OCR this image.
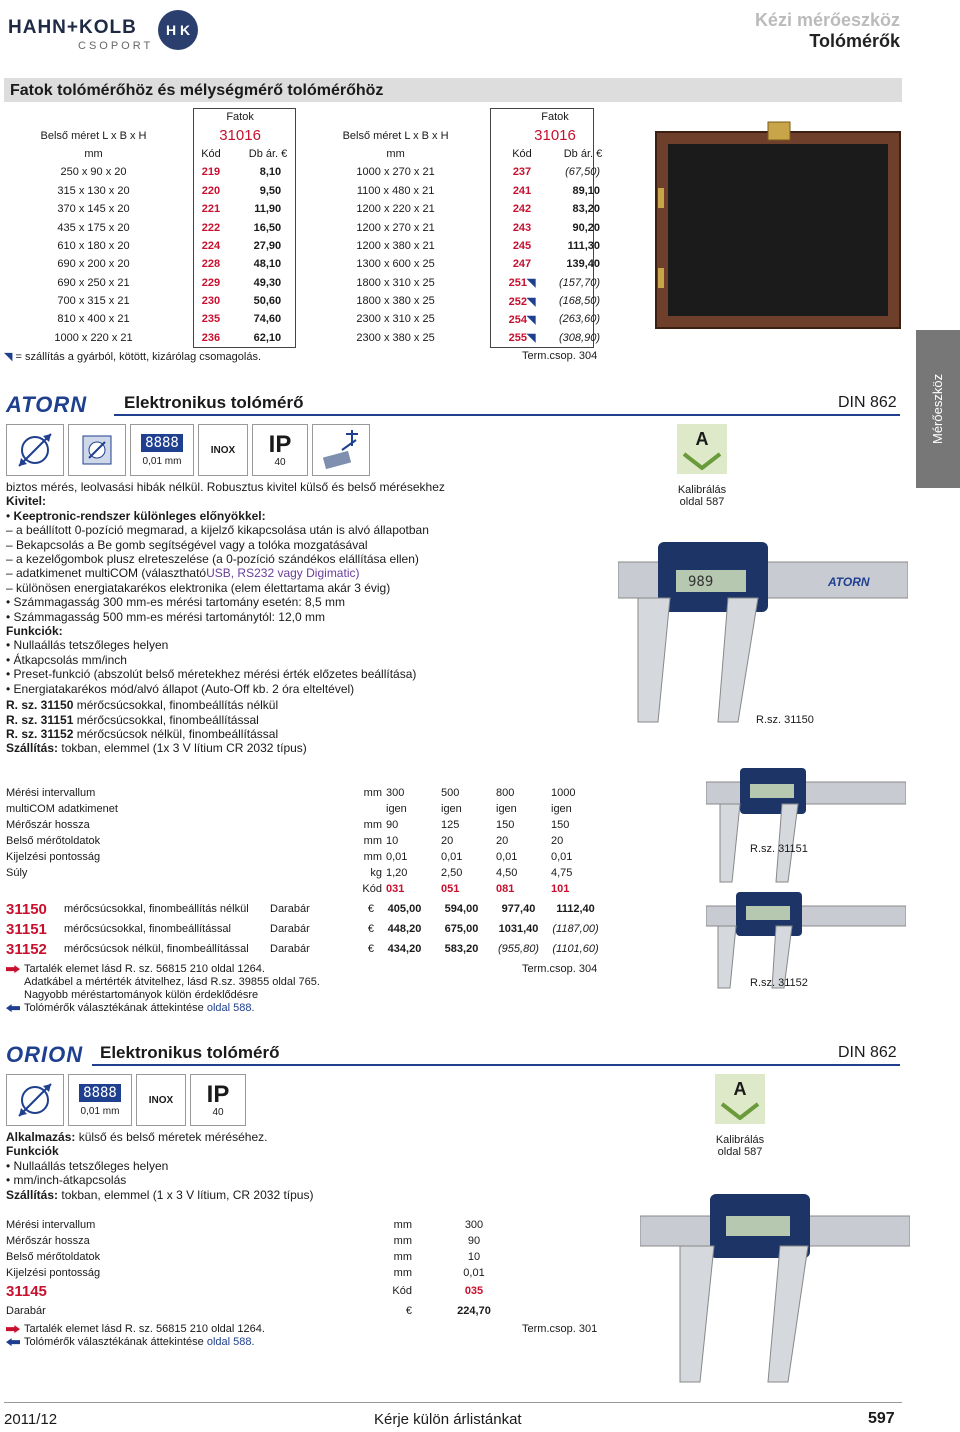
HAHN+KOLB
CSOPORT
H K	Kézi mérőeszköz
Tolómérők
Fatok tolómérőhöz és mélységmérő tolómérőhöz
	Fatok			Fatok	
Belső méret L x B x H	31016		Belső méret L x B x H	31016	
mm	Kód	Db ár. €	mm	Kód	Db ár. €
250 x 90 x 20	219	8,10	1000 x 270 x 21	237	(67,50)
315 x 130 x 20	220	9,50	1100 x 480 x 21	241	89,10
370 x 145 x 20	221	11,90	1200 x 220 x 21	242	83,20
435 x 175 x 20	222	16,50	1200 x 270 x 21	243	90,20
610 x 180 x 20	224	27,90	1200 x 380 x 21	245	111,30
690 x 200 x 20	228	48,10	1300 x 600 x 25	247	139,40
690 x 250 x 21	229	49,30	1800 x 310 x 25	251◥	(157,70)
700 x 315 x 21	230	50,60	1800 x 380 x 25	252◥	(168,50)
810 x 400 x 21	235	74,60	2300 x 310 x 25	254◥	(263,60)
1000 x 220 x 21	236	62,10	2300 x 380 x 25	255◥	(308,90)
◥ = szállítás a gyárból, kötött, kizárólag csomagolás.	Term.csop. 304
Mérőeszköz
ATORN	Elektronikus tolómérő	DIN 862
8888
0,01 mm
INOX IP
40
A
Kalibrálás
oldal 587
biztos mérés, leolvasási hibák nélkül. Robusztus kivitel külső és belső mérésekhez
Kivitel:
• Keeptronic-rendszer különleges előnyökkel:
– a beállított 0-pozíció megmarad, a kijelző kikapcsolása után is alvó állapotban
– Bekapcsolás a Be gomb segítségével vagy a tolóka mozgatásával
– a kezelőgombok plusz elreteszelése (a 0-pozíció szándékos elállítása ellen)
– adatkimenet multiCOM (választhatóUSB, RS232 vagy Digimatic)
– különösen energiatakarékos elektronika (elem élettartama akár 3 évig)
• Számmagasság 300 mm-es mérési tartomány esetén: 8,5 mm
• Számmagasság 500 mm-es mérési tartománytól: 12,0 mm
Funkciók:
• Nullaállás tetszőleges helyen
• Átkapcsolás mm/inch
• Preset-funkció (abszolút belső méretekhez mérési érték előzetes beállítása)
• Energiatakarékos mód/alvó állapot (Auto-Off kb. 2 óra elteltével)
R. sz. 31150 mérőcsúcsokkal, finombeállítás nélkül
R. sz. 31151 mérőcsúcsokkal, finombeállítással
R. sz. 31152 mérőcsúcsok nélkül, finombeállítással
Szállítás: tokban, elemmel (1x 3 V lítium CR 2032 típus)
989	ATORN
R.sz. 31150
R.sz. 31151
R.sz. 31152
Mérési intervallum	mm	300	500	800	1000
multiCOM adatkimenet		igen	igen	igen	igen
Mérőszár hossza	mm	90	125	150	150
Belső mérőtoldatok	mm	10	20	20	20
Kijelzési pontosság	mm	0,01	0,01	0,01	0,01
Súly	kg	1,20	2,50	4,50	4,75
	Kód	031	051	081	101
31150	mérőcsúcsokkal, finombeállítás nélkül	Darabár	€	405,00	594,00	977,40	1112,40
31151	mérőcsúcsokkal, finombeállítással	Darabár	€	448,20	675,00	1031,40	(1187,00)
31152	mérőcsúcsok nélkül, finombeállítással	Darabár	€	434,20	583,20	(955,80)	(1101,60)
Tartalék elemet lásd R. sz. 56815 210 oldal 1264.
Adatkábel a mértérték átvitelhez, lásd R.sz. 39855 oldal 765.
Nagyobb méréstartományok külön érdeklődésre
Tolómérők választékának áttekintése oldal 588.
Term.csop. 304
ORION Elektronikus tolómérő	DIN 862
8888
0,01 mm
INOX IP
40
A
Kalibrálás
oldal 587
Alkalmazás: külső és belső méretek méréséhez.
Funkciók
• Nullaállás tetszőleges helyen
• mm/inch-átkapcsolás
Szállítás: tokban, elemmel (1 x 3 V lítium, CR 2032 típus)
Mérési intervallum	mm	300
Mérőszár hossza	mm	90
Belső mérőtoldatok	mm	10
Kijelzési pontosság	mm	0,01
31145	Kód	035
Darabár	€	224,70
Tartalék elemet lásd R. sz. 56815 210 oldal 1264.
Tolómérők választékának áttekintése oldal 588.
Term.csop. 301
2011/12	Kérje külön árlistánkat	597
